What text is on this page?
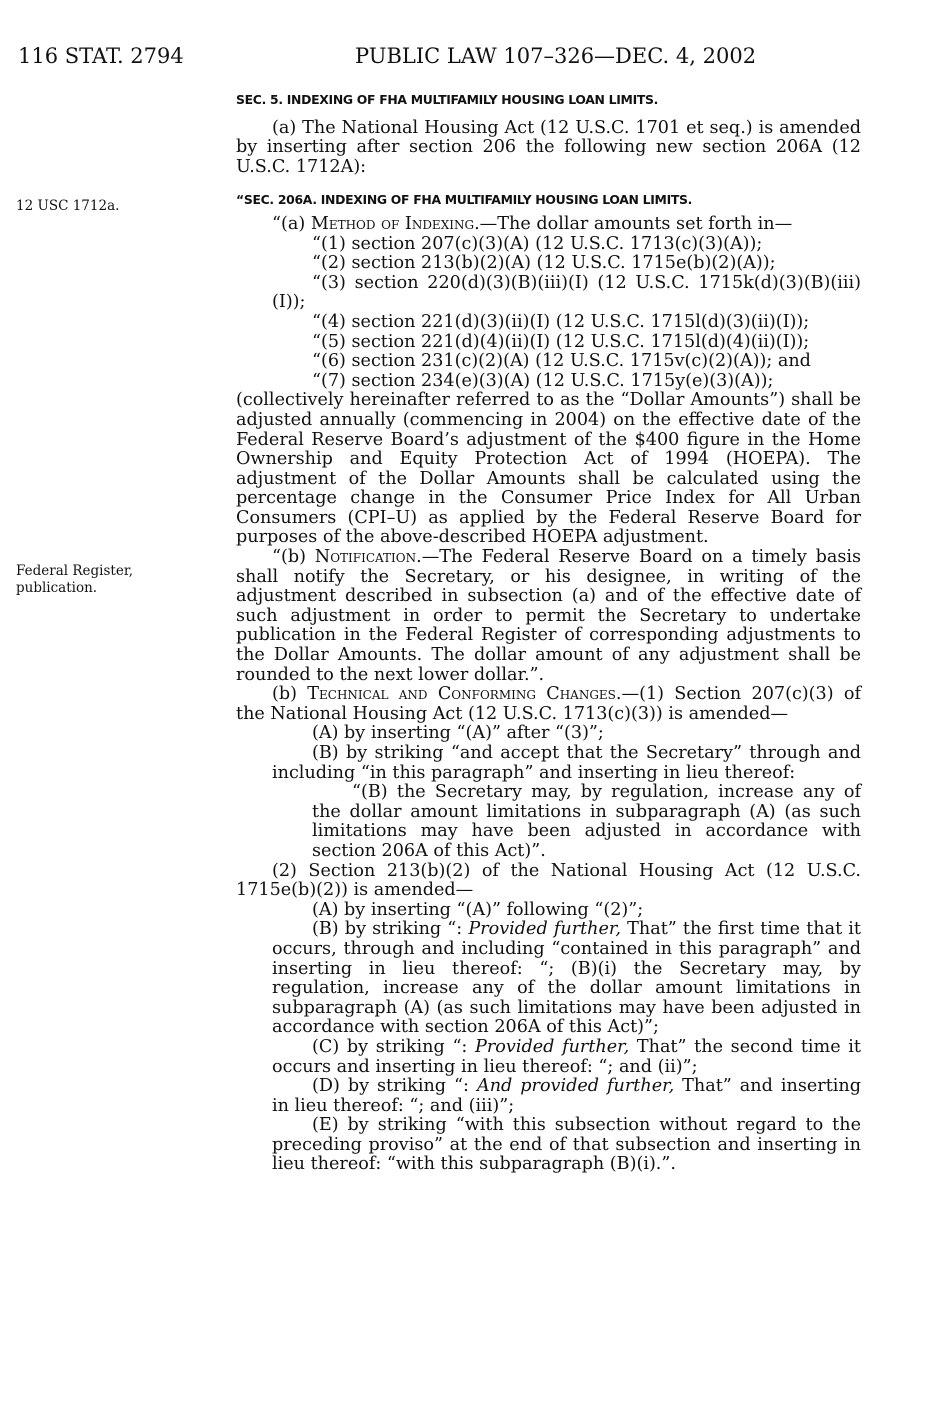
116 STAT. 2794	PUBLIC LAW 107–326—DEC. 4, 2002
12 USC 1712a.
Federal Register,
publication.
SEC. 5. INDEXING OF FHA MULTIFAMILY HOUSING LOAN LIMITS.

(a) The National Housing Act (12 U.S.C. 1701 et seq.) is amended by inserting after section 206 the following new section 206A (12 U.S.C. 1712A):

“SEC. 206A. INDEXING OF FHA MULTIFAMILY HOUSING LOAN LIMITS.

“(a) Method of Indexing.—The dollar amounts set forth in—

“(1) section 207(c)(3)(A) (12 U.S.C. 1713(c)(3)(A));
“(2) section 213(b)(2)(A) (12 U.S.C. 1715e(b)(2)(A));

“(3) section 220(d)(3)(B)(iii)(I) (12 U.S.C. 1715k(d)(3)(B)(iii)(I));

“(4) section 221(d)(3)(ii)(I) (12 U.S.C. 1715l(d)(3)(ii)(I));
“(5) section 221(d)(4)(ii)(I) (12 U.S.C. 1715l(d)(4)(ii)(I));
“(6) section 231(c)(2)(A) (12 U.S.C. 1715v(c)(2)(A)); and
“(7) section 234(e)(3)(A) (12 U.S.C. 1715y(e)(3)(A));

(collectively hereinafter referred to as the “Dollar Amounts”) shall be adjusted annually (commencing in 2004) on the effective date of the Federal Reserve Board’s adjustment of the $400 figure in the Home Ownership and Equity Protection Act of 1994 (HOEPA). The adjustment of the Dollar Amounts shall be calculated using the percentage change in the Consumer Price Index for All Urban Consumers (CPI–U) as applied by the Federal Reserve Board for purposes of the above-described HOEPA adjustment.

“(b) Notification.—The Federal Reserve Board on a timely basis shall notify the Secretary, or his designee, in writing of the adjustment described in subsection (a) and of the effective date of such adjustment in order to permit the Secretary to undertake publication in the Federal Register of corresponding adjustments to the Dollar Amounts. The dollar amount of any adjustment shall be rounded to the next lower dollar.”.

(b) Technical and Conforming Changes.—(1) Section 207(c)(3) of the National Housing Act (12 U.S.C. 1713(c)(3)) is amended—

(A) by inserting “(A)” after “(3)”;

(B) by striking “and accept that the Secretary” through and including “in this paragraph” and inserting in lieu thereof:

“(B) the Secretary may, by regulation, increase any of the dollar amount limitations in subparagraph (A) (as such limitations may have been adjusted in accordance with section 206A of this Act)”.

(2) Section 213(b)(2) of the National Housing Act (12 U.S.C. 1715e(b)(2)) is amended—

(A) by inserting “(A)” following “(2)”;

(B) by striking “: Provided further, That” the first time that it occurs, through and including “contained in this paragraph” and inserting in lieu thereof: “; (B)(i) the Secretary may, by regulation, increase any of the dollar amount limitations in subparagraph (A) (as such limitations may have been adjusted in accordance with section 206A of this Act)”;

(C) by striking “: Provided further, That” the second time it occurs and inserting in lieu thereof: “; and (ii)”;

(D) by striking “: And provided further, That” and inserting in lieu thereof: “; and (iii)”;

(E) by striking “with this subsection without regard to the preceding proviso” at the end of that subsection and inserting in lieu thereof: “with this subparagraph (B)(i).”.
